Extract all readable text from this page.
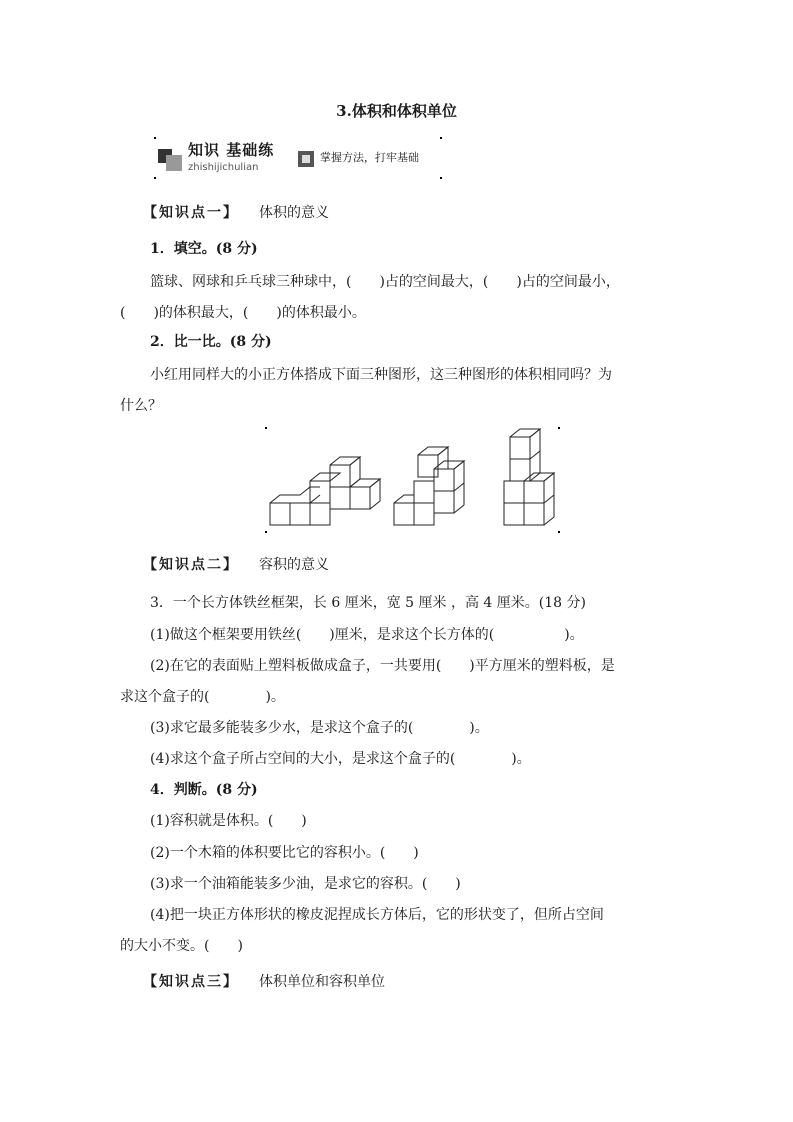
3.体积和体积单位
知识 基础练
zhishijichulian
掌握方法，打牢基础
【知识点一】 体积的意义
1．填空。(8 分)
篮球、网球和乒乓球三种球中，(　　)占的空间最大，(　　)占的空间最小，
(　　)的体积最大，(　　)的体积最小。
2．比一比。(8 分)
小红用同样大的小正方体搭成下面三种图形，这三种图形的体积相同吗？为
什么？
【知识点二】 容积的意义
3．一个长方体铁丝框架，长 6 厘米，宽 5 厘米 ，高 4 厘米。(18 分)
(1)做这个框架要用铁丝(　　)厘米，是求这个长方体的(　　　　　)。
(2)在它的表面贴上塑料板做成盒子，一共要用(　　)平方厘米的塑料板，是
求这个盒子的(　　　　)。
(3)求它最多能装多少水，是求这个盒子的(　　　　)。
(4)求这个盒子所占空间的大小，是求这个盒子的(　　　　)。
4．判断。(8 分)
(1)容积就是体积。(　　)
(2)一个木箱的体积要比它的容积小。(　　)
(3)求一个油箱能装多少油，是求它的容积。(　　)
(4)把一块正方体形状的橡皮泥捏成长方体后，它的形状变了，但所占空间
的大小不变。(　　)
【知识点三】 体积单位和容积单位
